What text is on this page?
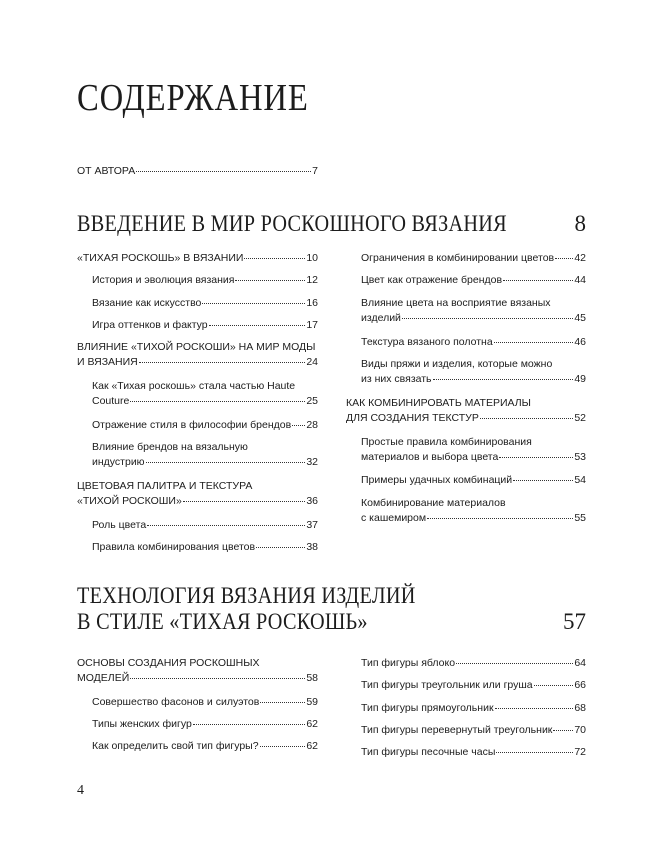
СОДЕРЖАНИЕ
ОТ АВТОРА	7
ВВЕДЕНИЕ В МИР РОСКОШНОГО ВЯЗАНИЯ	8
«ТИХАЯ РОСКОШЬ» В ВЯЗАНИИ	10
История и эволюция вязания	12
Вязание как искусство	16
Игра оттенков и фактур	17
ВЛИЯНИЕ «ТИХОЙ РОСКОШИ» НА МИР МОДЫ
И ВЯЗАНИЯ	24
Как «Тихая роскошь» стала частью Haute
Couture	25
Отражение стиля в философии брендов 28
Влияние брендов на вязальную
индустрию	32
ЦВЕТОВАЯ ПАЛИТРА И ТЕКСТУРА
«ТИХОЙ РОСКОШИ»	36
Роль цвета	37
Правила комбинирования цветов	38
Ограничения в комбинировании цветов 42
Цвет как отражение брендов	44
Влияние цвета на восприятие вязаных
изделий	45
Текстура вязаного полотна	46
Виды пряжи и изделия, которые можно
из них связать	49
КАК КОМБИНИРОВАТЬ МАТЕРИАЛЫ
ДЛЯ СОЗДАНИЯ ТЕКСТУР	52
Простые правила комбинирования
материалов и выбора цвета	53
Примеры удачных комбинаций	54
Комбинирование материалов
с кашемиром	55
ТЕХНОЛОГИЯ ВЯЗАНИЯ ИЗДЕЛИЙ
В СТИЛЕ «ТИХАЯ РОСКОШЬ»	57
ОСНОВЫ СОЗДАНИЯ РОСКОШНЫХ
МОДЕЛЕЙ	58
Совершество фасонов и силуэтов	59
Типы женских фигур	62
Как определить свой тип фигуры?	62
Тип фигуры яблоко	64
Тип фигуры треугольник или груша	66
Тип фигуры прямоугольник	68
Тип фигуры перевернутый треугольник 70
Тип фигуры песочные часы	72
4
